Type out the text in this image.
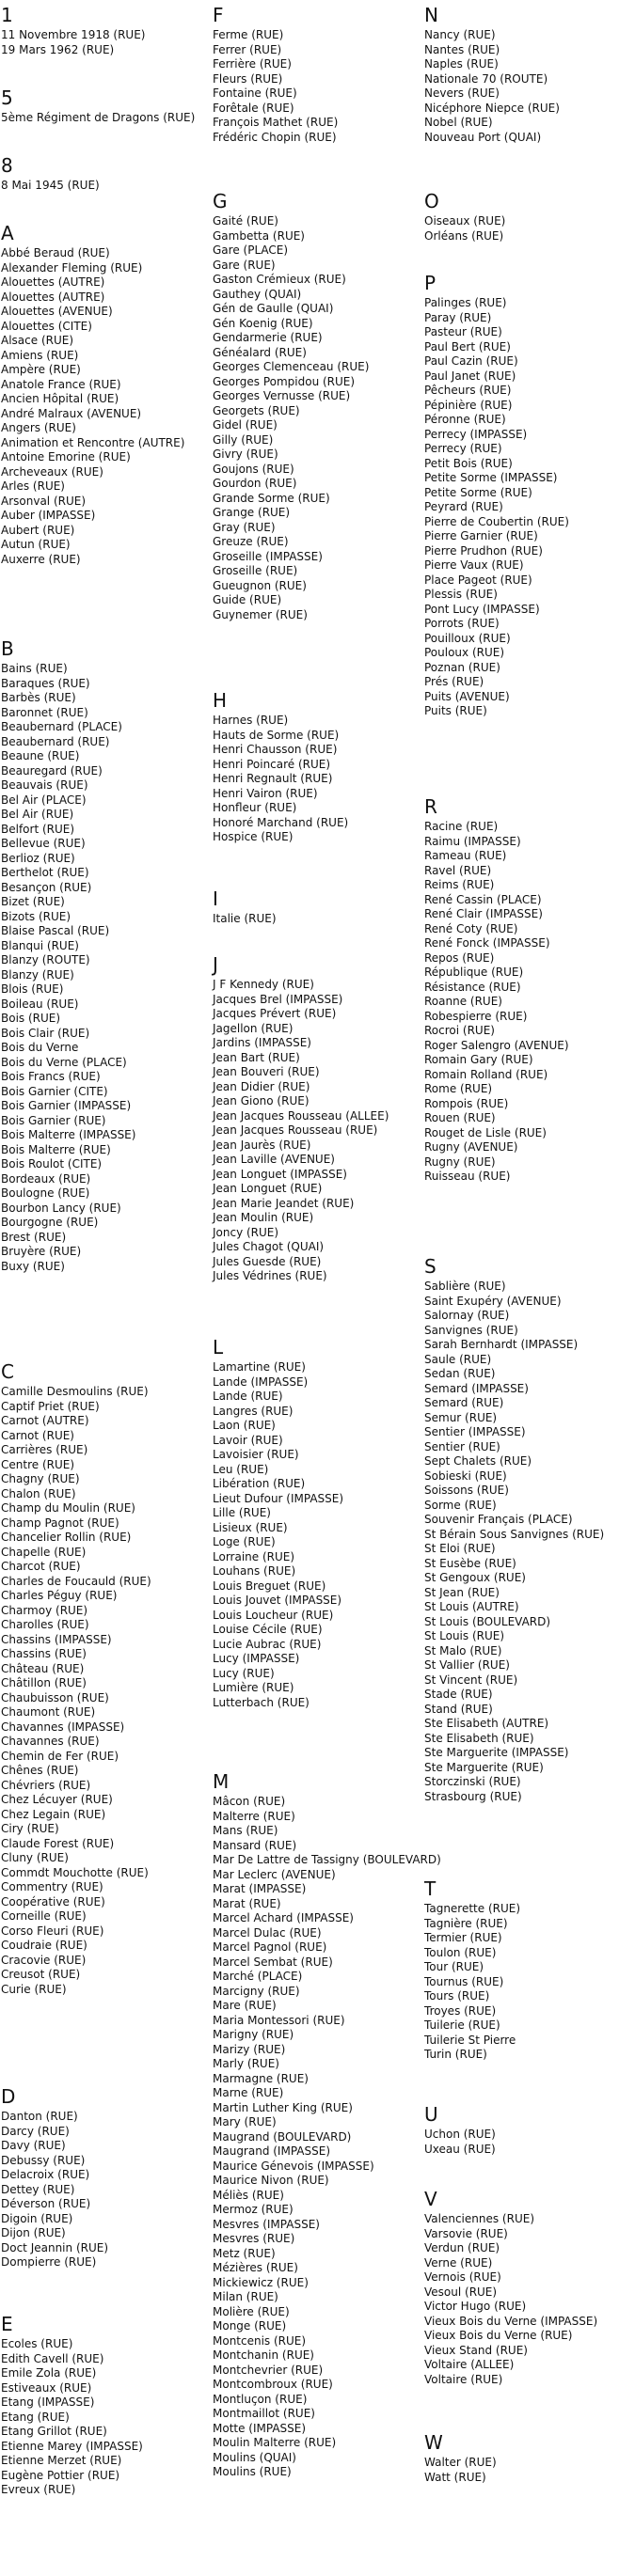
1
11 Novembre 1918 (RUE)
19 Mars 1962 (RUE)
5
5ème Régiment de Dragons (RUE)
8
8 Mai 1945 (RUE)
A
Abbé Beraud (RUE)
Alexander Fleming (RUE)
Alouettes (AUTRE)
Alouettes (AUTRE)
Alouettes (AVENUE)
Alouettes (CITE)
Alsace (RUE)
Amiens (RUE)
Ampère (RUE)
Anatole France (RUE)
Ancien Hôpital (RUE)
André Malraux (AVENUE)
Angers (RUE)
Animation et Rencontre (AUTRE)
Antoine Emorine (RUE)
Archeveaux (RUE)
Arles (RUE)
Arsonval (RUE)
Auber (IMPASSE)
Aubert (RUE)
Autun (RUE)
Auxerre (RUE)
B
Bains (RUE)
Baraques (RUE)
Barbès (RUE)
Baronnet (RUE)
Beaubernard (PLACE)
Beaubernard (RUE)
Beaune (RUE)
Beauregard (RUE)
Beauvais (RUE)
Bel Air (PLACE)
Bel Air (RUE)
Belfort (RUE)
Bellevue (RUE)
Berlioz (RUE)
Berthelot (RUE)
Besançon (RUE)
Bizet (RUE)
Bizots (RUE)
Blaise Pascal (RUE)
Blanqui (RUE)
Blanzy (ROUTE)
Blanzy (RUE)
Blois (RUE)
Boileau (RUE)
Bois (RUE)
Bois Clair (RUE)
Bois du Verne
Bois du Verne (PLACE)
Bois Francs (RUE)
Bois Garnier (CITE)
Bois Garnier (IMPASSE)
Bois Garnier (RUE)
Bois Malterre (IMPASSE)
Bois Malterre (RUE)
Bois Roulot (CITE)
Bordeaux (RUE)
Boulogne (RUE)
Bourbon Lancy (RUE)
Bourgogne (RUE)
Brest (RUE)
Bruyère (RUE)
Buxy (RUE)
C
Camille Desmoulins (RUE)
Captif Priet (RUE)
Carnot (AUTRE)
Carnot (RUE)
Carrières (RUE)
Centre (RUE)
Chagny (RUE)
Chalon (RUE)
Champ du Moulin (RUE)
Champ Pagnot (RUE)
Chancelier Rollin (RUE)
Chapelle (RUE)
Charcot (RUE)
Charles de Foucauld (RUE)
Charles Péguy (RUE)
Charmoy (RUE)
Charolles (RUE)
Chassins (IMPASSE)
Chassins (RUE)
Château (RUE)
Châtillon (RUE)
Chaubuisson (RUE)
Chaumont (RUE)
Chavannes (IMPASSE)
Chavannes (RUE)
Chemin de Fer (RUE)
Chênes (RUE)
Chévriers (RUE)
Chez Lécuyer (RUE)
Chez Legain (RUE)
Ciry (RUE)
Claude Forest (RUE)
Cluny (RUE)
Commdt Mouchotte (RUE)
Commentry (RUE)
Coopérative (RUE)
Corneille (RUE)
Corso Fleuri (RUE)
Coudraie (RUE)
Cracovie (RUE)
Creusot (RUE)
Curie (RUE)
D
Danton (RUE)
Darcy (RUE)
Davy (RUE)
Debussy (RUE)
Delacroix (RUE)
Dettey (RUE)
Déverson (RUE)
Digoin (RUE)
Dijon (RUE)
Doct Jeannin (RUE)
Dompierre (RUE)
E
Ecoles (RUE)
Edith Cavell (RUE)
Emile Zola (RUE)
Estiveaux (RUE)
Etang (IMPASSE)
Etang (RUE)
Etang Grillot (RUE)
Etienne Marey (IMPASSE)
Etienne Merzet (RUE)
Eugène Pottier (RUE)
Evreux (RUE)
F
Ferme (RUE)
Ferrer (RUE)
Ferrière (RUE)
Fleurs (RUE)
Fontaine (RUE)
Forêtale (RUE)
François Mathet (RUE)
Frédéric Chopin (RUE)
G
Gaité (RUE)
Gambetta (RUE)
Gare (PLACE)
Gare (RUE)
Gaston Crémieux (RUE)
Gauthey (QUAI)
Gén de Gaulle (QUAI)
Gén Koenig (RUE)
Gendarmerie (RUE)
Généalard (RUE)
Georges Clemenceau (RUE)
Georges Pompidou (RUE)
Georges Vernusse (RUE)
Georgets (RUE)
Gidel (RUE)
Gilly (RUE)
Givry (RUE)
Goujons (RUE)
Gourdon (RUE)
Grande Sorme (RUE)
Grange (RUE)
Gray (RUE)
Greuze (RUE)
Groseille (IMPASSE)
Groseille (RUE)
Gueugnon (RUE)
Guide (RUE)
Guynemer (RUE)
H
Harnes (RUE)
Hauts de Sorme (RUE)
Henri Chausson (RUE)
Henri Poincaré (RUE)
Henri Regnault (RUE)
Henri Vairon (RUE)
Honfleur (RUE)
Honoré Marchand (RUE)
Hospice (RUE)
I
Italie (RUE)
J
J F Kennedy (RUE)
Jacques Brel (IMPASSE)
Jacques Prévert (RUE)
Jagellon (RUE)
Jardins (IMPASSE)
Jean Bart (RUE)
Jean Bouveri (RUE)
Jean Didier (RUE)
Jean Giono (RUE)
Jean Jacques Rousseau (ALLEE)
Jean Jacques Rousseau (RUE)
Jean Jaurès (RUE)
Jean Laville (AVENUE)
Jean Longuet (IMPASSE)
Jean Longuet (RUE)
Jean Marie Jeandet (RUE)
Jean Moulin (RUE)
Joncy (RUE)
Jules Chagot (QUAI)
Jules Guesde (RUE)
Jules Védrines (RUE)
L
Lamartine (RUE)
Lande (IMPASSE)
Lande (RUE)
Langres (RUE)
Laon (RUE)
Lavoir (RUE)
Lavoisier (RUE)
Leu (RUE)
Libération (RUE)
Lieut Dufour (IMPASSE)
Lille (RUE)
Lisieux (RUE)
Loge (RUE)
Lorraine (RUE)
Louhans (RUE)
Louis Breguet (RUE)
Louis Jouvet (IMPASSE)
Louis Loucheur (RUE)
Louise Cécile (RUE)
Lucie Aubrac (RUE)
Lucy (IMPASSE)
Lucy (RUE)
Lumière (RUE)
Lutterbach (RUE)
M
Mâcon (RUE)
Malterre (RUE)
Mans (RUE)
Mansard (RUE)
Mar De Lattre de Tassigny (BOULEVARD)
Mar Leclerc (AVENUE)
Marat (IMPASSE)
Marat (RUE)
Marcel Achard (IMPASSE)
Marcel Dulac (RUE)
Marcel Pagnol (RUE)
Marcel Sembat (RUE)
Marché (PLACE)
Marcigny (RUE)
Mare (RUE)
Maria Montessori (RUE)
Marigny (RUE)
Marizy (RUE)
Marly (RUE)
Marmagne (RUE)
Marne (RUE)
Martin Luther King (RUE)
Mary (RUE)
Maugrand (BOULEVARD)
Maugrand (IMPASSE)
Maurice Génevois (IMPASSE)
Maurice Nivon (RUE)
Méliès (RUE)
Mermoz (RUE)
Mesvres (IMPASSE)
Mesvres (RUE)
Metz (RUE)
Mézières (RUE)
Mickiewicz (RUE)
Milan (RUE)
Molière (RUE)
Monge (RUE)
Montcenis (RUE)
Montchanin (RUE)
Montchevrier (RUE)
Montcombroux (RUE)
Montluçon (RUE)
Montmaillot (RUE)
Motte (IMPASSE)
Moulin Malterre (RUE)
Moulins (QUAI)
Moulins (RUE)
N
Nancy (RUE)
Nantes (RUE)
Naples (RUE)
Nationale 70 (ROUTE)
Nevers (RUE)
Nicéphore Niepce (RUE)
Nobel (RUE)
Nouveau Port (QUAI)
O
Oiseaux (RUE)
Orléans (RUE)
P
Palinges (RUE)
Paray (RUE)
Pasteur (RUE)
Paul Bert (RUE)
Paul Cazin (RUE)
Paul Janet (RUE)
Pêcheurs (RUE)
Pépinière (RUE)
Péronne (RUE)
Perrecy (IMPASSE)
Perrecy (RUE)
Petit Bois (RUE)
Petite Sorme (IMPASSE)
Petite Sorme (RUE)
Peyrard (RUE)
Pierre de Coubertin (RUE)
Pierre Garnier (RUE)
Pierre Prudhon (RUE)
Pierre Vaux (RUE)
Place Pageot (RUE)
Plessis (RUE)
Pont Lucy (IMPASSE)
Porrots (RUE)
Pouilloux (RUE)
Pouloux (RUE)
Poznan (RUE)
Prés (RUE)
Puits (AVENUE)
Puits (RUE)
R
Racine (RUE)
Raimu (IMPASSE)
Rameau (RUE)
Ravel (RUE)
Reims (RUE)
René Cassin (PLACE)
René Clair (IMPASSE)
René Coty (RUE)
René Fonck (IMPASSE)
Repos (RUE)
République (RUE)
Résistance (RUE)
Roanne (RUE)
Robespierre (RUE)
Rocroi (RUE)
Roger Salengro (AVENUE)
Romain Gary (RUE)
Romain Rolland (RUE)
Rome (RUE)
Rompois (RUE)
Rouen (RUE)
Rouget de Lisle (RUE)
Rugny (AVENUE)
Rugny (RUE)
Ruisseau (RUE)
S
Sablière (RUE)
Saint Exupéry (AVENUE)
Salornay (RUE)
Sanvignes (RUE)
Sarah Bernhardt (IMPASSE)
Saule (RUE)
Sedan (RUE)
Semard (IMPASSE)
Semard (RUE)
Semur (RUE)
Sentier (IMPASSE)
Sentier (RUE)
Sept Chalets (RUE)
Sobieski (RUE)
Soissons (RUE)
Sorme (RUE)
Souvenir Français (PLACE)
St Bérain Sous Sanvignes (RUE)
St Eloi (RUE)
St Eusèbe (RUE)
St Gengoux (RUE)
St Jean (RUE)
St Louis (AUTRE)
St Louis (BOULEVARD)
St Louis (RUE)
St Malo (RUE)
St Vallier (RUE)
St Vincent (RUE)
Stade (RUE)
Stand (RUE)
Ste Elisabeth (AUTRE)
Ste Elisabeth (RUE)
Ste Marguerite (IMPASSE)
Ste Marguerite (RUE)
Storczinski (RUE)
Strasbourg (RUE)
T
Tagnerette (RUE)
Tagnière (RUE)
Termier (RUE)
Toulon (RUE)
Tour (RUE)
Tournus (RUE)
Tours (RUE)
Troyes (RUE)
Tuilerie (RUE)
Tuilerie St Pierre
Turin (RUE)
U
Uchon (RUE)
Uxeau (RUE)
V
Valenciennes (RUE)
Varsovie (RUE)
Verdun (RUE)
Verne (RUE)
Vernois (RUE)
Vesoul (RUE)
Victor Hugo (RUE)
Vieux Bois du Verne (IMPASSE)
Vieux Bois du Verne (RUE)
Vieux Stand (RUE)
Voltaire (ALLEE)
Voltaire (RUE)
W
Walter (RUE)
Watt (RUE)
